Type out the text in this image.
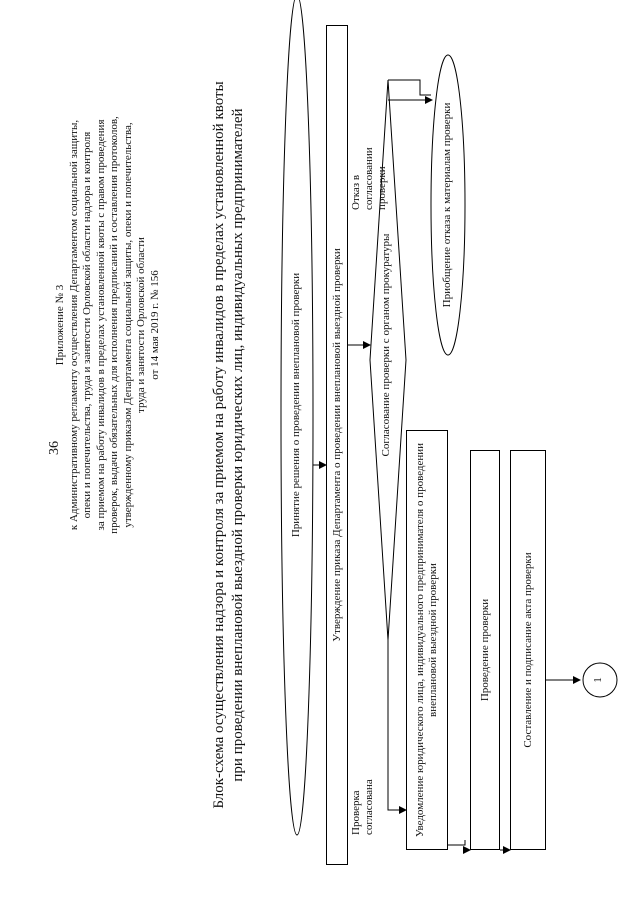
36
Приложение № 3 к Административному регламенту осуществления Департаментом социальной защиты, опеки и попечительства, труда и занятости Орловской области надзора и контроля за приемом на работу инвалидов в пределах установленной квоты с правом проведения проверок, выдачи обязательных для исполнения предписаний и составления протоколов, утвержденному приказом Департамента социальной защиты, опеки и попечительства, труда и занятости Орловской области от 14 мая 2019 г. № 156	Блок-схема осуществления надзора и контроля за приемом на работу инвалидов в пределах установленной квоты при проведении внеплановой выездной проверки юридических лиц, индивидуальных предпринимателей	Принятие решения о проведении внеплановой проверки	Утверждение приказа Департамента о проведении внеплановой выездной проверки	Согласование проверки с органом прокуратуры
Проверка согласована
Отказ в согласовании проверки
Уведомление юридического лица, индивидуального предпринимателя о проведении внеплановой выездной проверки	Проведение проверки	Составление и подписание акта проверки
Приобщение отказа к материалам проверки
1
